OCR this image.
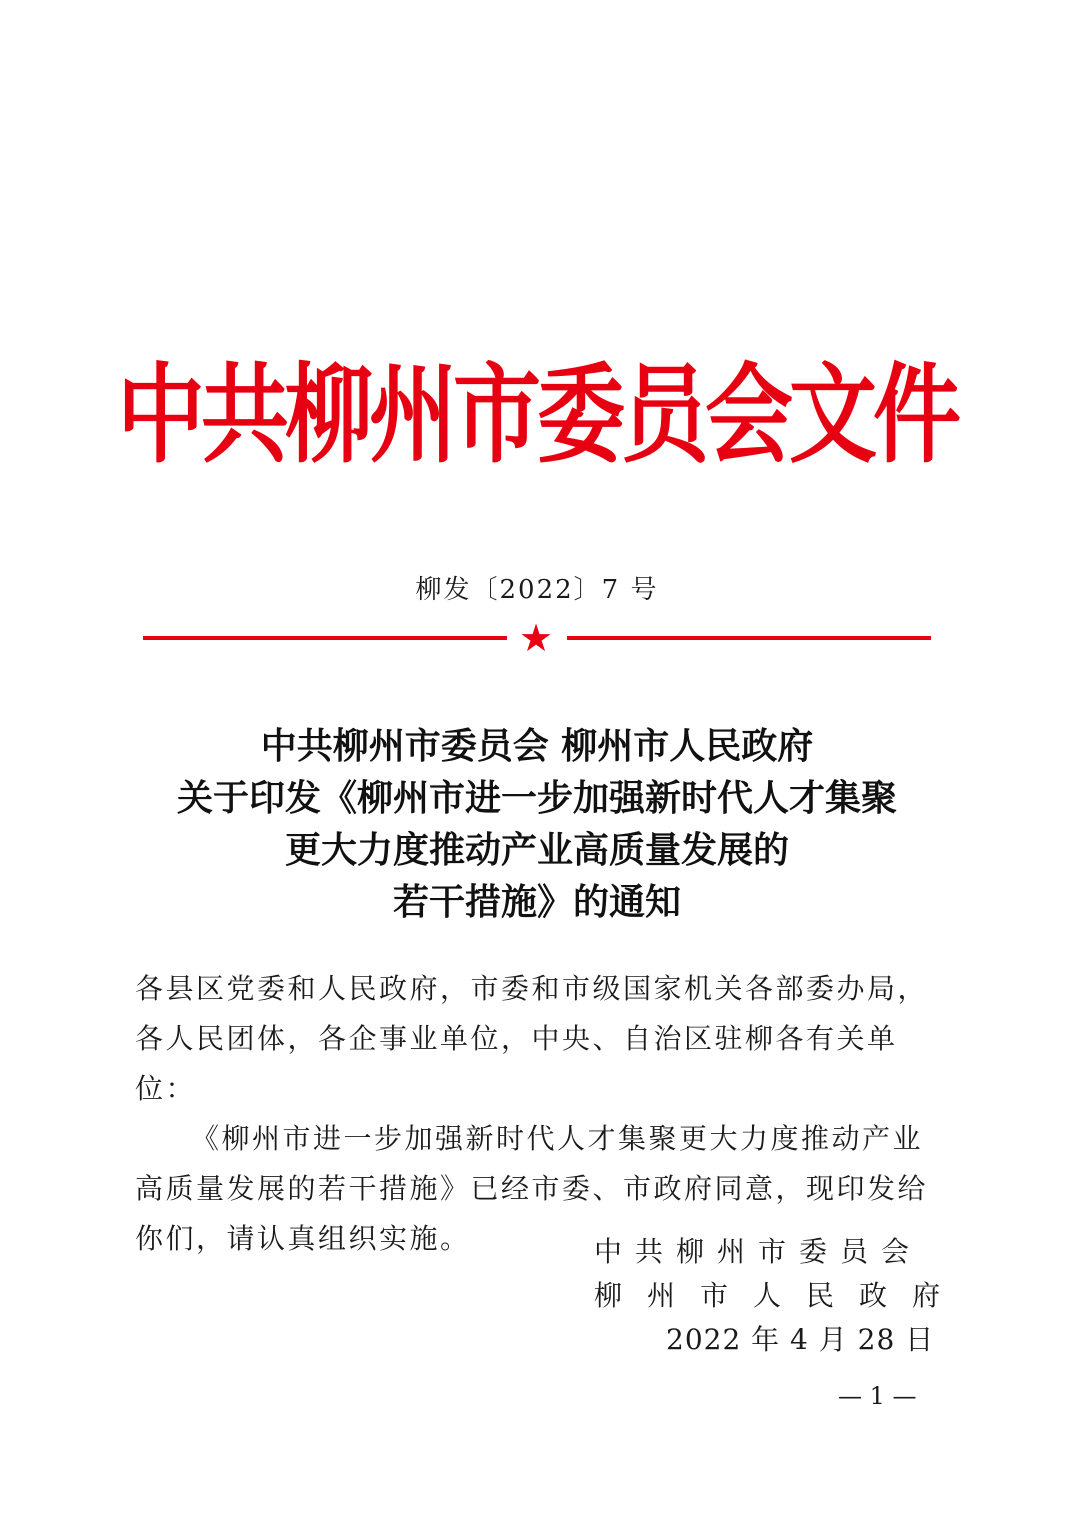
中共柳州市委员会文件
柳发〔2022〕7 号
★
中共柳州市委员会 柳州市人民政府
关于印发《柳州市进一步加强新时代人才集聚
更大力度推动产业高质量发展的
若干措施》的通知

各县区党委和人民政府，市委和市级国家机关各部委办局，各人民团体，各企事业单位，中央、自治区驻柳各有关单位：

《柳州市进一步加强新时代人才集聚更大力度推动产业高质量发展的若干措施》已经市委、市政府同意，现印发给你们，请认真组织实施。	中共柳州市委员会
柳州市人民政府
2022 年 4 月 28 日
— 1 —
